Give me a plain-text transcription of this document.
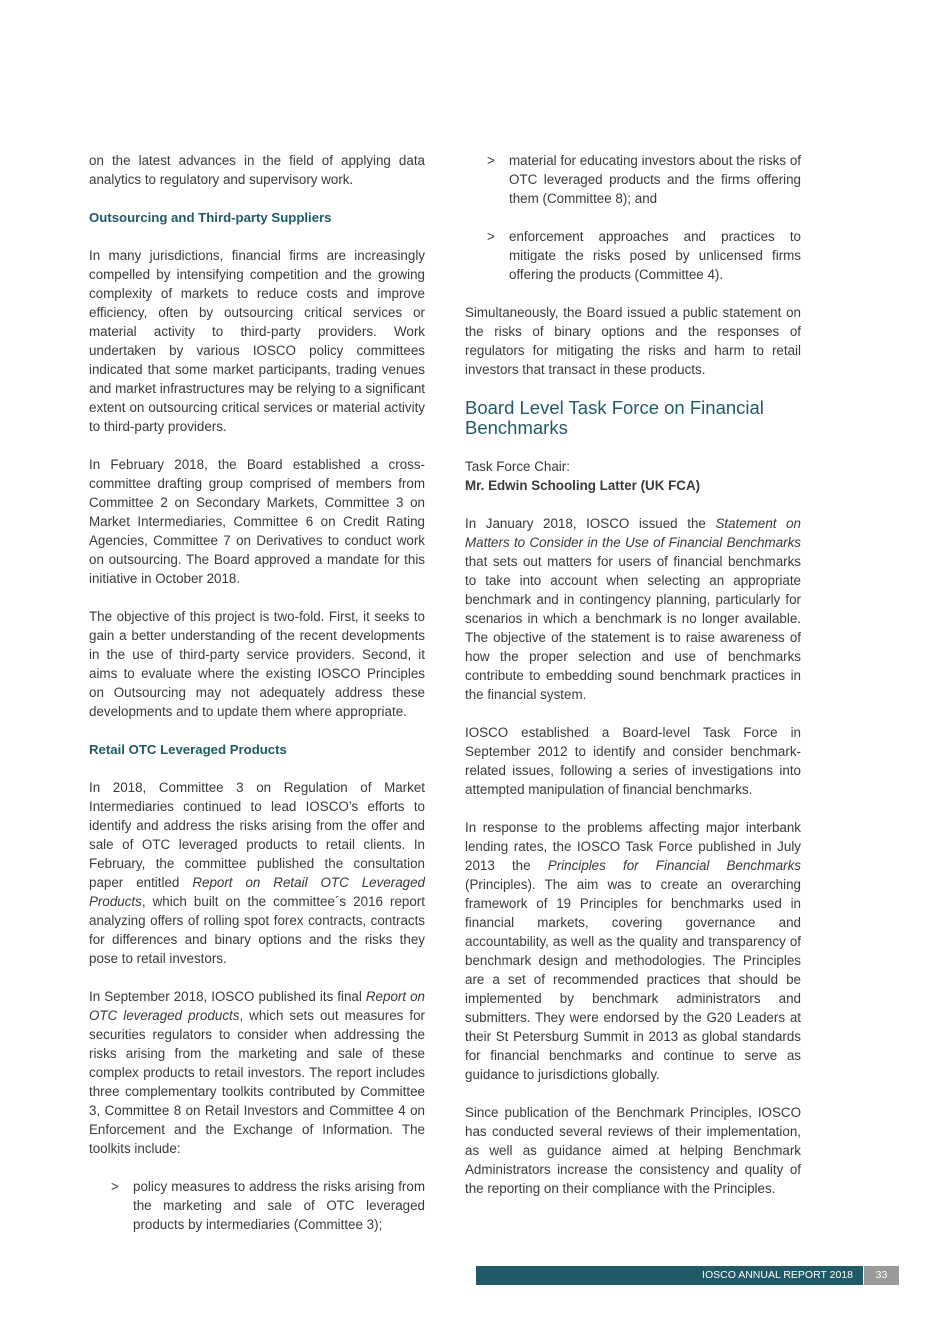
on the latest advances in the field of applying data analytics to regulatory and supervisory work.

Outsourcing and Third-party Suppliers

In many jurisdictions, financial firms are increasingly compelled by intensifying competition and the growing complexity of markets to reduce costs and improve efficiency, often by outsourcing critical services or material activity to third-party providers. Work undertaken by various IOSCO policy committees indicated that some market participants, trading venues and market infrastructures may be relying to a significant extent on outsourcing critical services or material activity to third-party providers.

In February 2018, the Board established a cross-committee drafting group comprised of members from Committee 2 on Secondary Markets, Committee 3 on Market Intermediaries, Committee 6 on Credit Rating Agencies, Committee 7 on Derivatives to conduct work on outsourcing. The Board approved a mandate for this initiative in October 2018.

The objective of this project is two-fold. First, it seeks to gain a better understanding of the recent developments in the use of third-party service providers. Second, it aims to evaluate where the existing IOSCO Principles on Outsourcing may not adequately address these developments and to update them where appropriate.

Retail OTC Leveraged Products

In 2018, Committee 3 on Regulation of Market Intermediaries continued to lead IOSCO’s efforts to identify and address the risks arising from the offer and sale of OTC leveraged products to retail clients. In February, the committee published the consultation paper entitled Report on Retail OTC Leveraged Products, which built on the committee´s 2016 report analyzing offers of rolling spot forex contracts, contracts for differences and binary options and the risks they pose to retail investors.

In September 2018, IOSCO published its final Report on OTC leveraged products, which sets out measures for securities regulators to consider when addressing the risks arising from the marketing and sale of these complex products to retail investors. The report includes three complementary toolkits contributed by Committee 3, Committee 8 on Retail Investors and Committee 4 on Enforcement and the Exchange of Information. The toolkits include:

>	policy measures to address the risks arising from the marketing and sale of OTC leveraged products by intermediaries (Committee 3);
>	material for educating investors about the risks of OTC leveraged products and the firms offering them (Committee 8); and
>	enforcement approaches and practices to mitigate the risks posed by unlicensed firms offering the products (Committee 4).

Simultaneously, the Board issued a public statement on the risks of binary options and the responses of regulators for mitigating the risks and harm to retail investors that transact in these products.

Board Level Task Force on Financial Benchmarks

Task Force Chair:

Mr. Edwin Schooling Latter (UK FCA)

In January 2018, IOSCO issued the Statement on Matters to Consider in the Use of Financial Benchmarks that sets out matters for users of financial benchmarks to take into account when selecting an appropriate benchmark and in contingency planning, particularly for scenarios in which a benchmark is no longer available. The objective of the statement is to raise awareness of how the proper selection and use of benchmarks contribute to embedding sound benchmark practices in the financial system.

IOSCO established a Board-level Task Force in September 2012 to identify and consider benchmark-related issues, following a series of investigations into attempted manipulation of financial benchmarks.

In response to the problems affecting major interbank lending rates, the IOSCO Task Force published in July 2013 the Principles for Financial Benchmarks (Principles). The aim was to create an overarching framework of 19 Principles for benchmarks used in financial markets, covering governance and accountability, as well as the quality and transparency of benchmark design and methodologies. The Principles are a set of recommended practices that should be implemented by benchmark administrators and submitters. They were endorsed by the G20 Leaders at their St Petersburg Summit in 2013 as global standards for financial benchmarks and continue to serve as guidance to jurisdictions globally.

Since publication of the Benchmark Principles, IOSCO has conducted several reviews of their implementation, as well as guidance aimed at helping Benchmark Administrators increase the consistency and quality of the reporting on their compliance with the Principles.

IOSCO ANNUAL REPORT 2018	33
